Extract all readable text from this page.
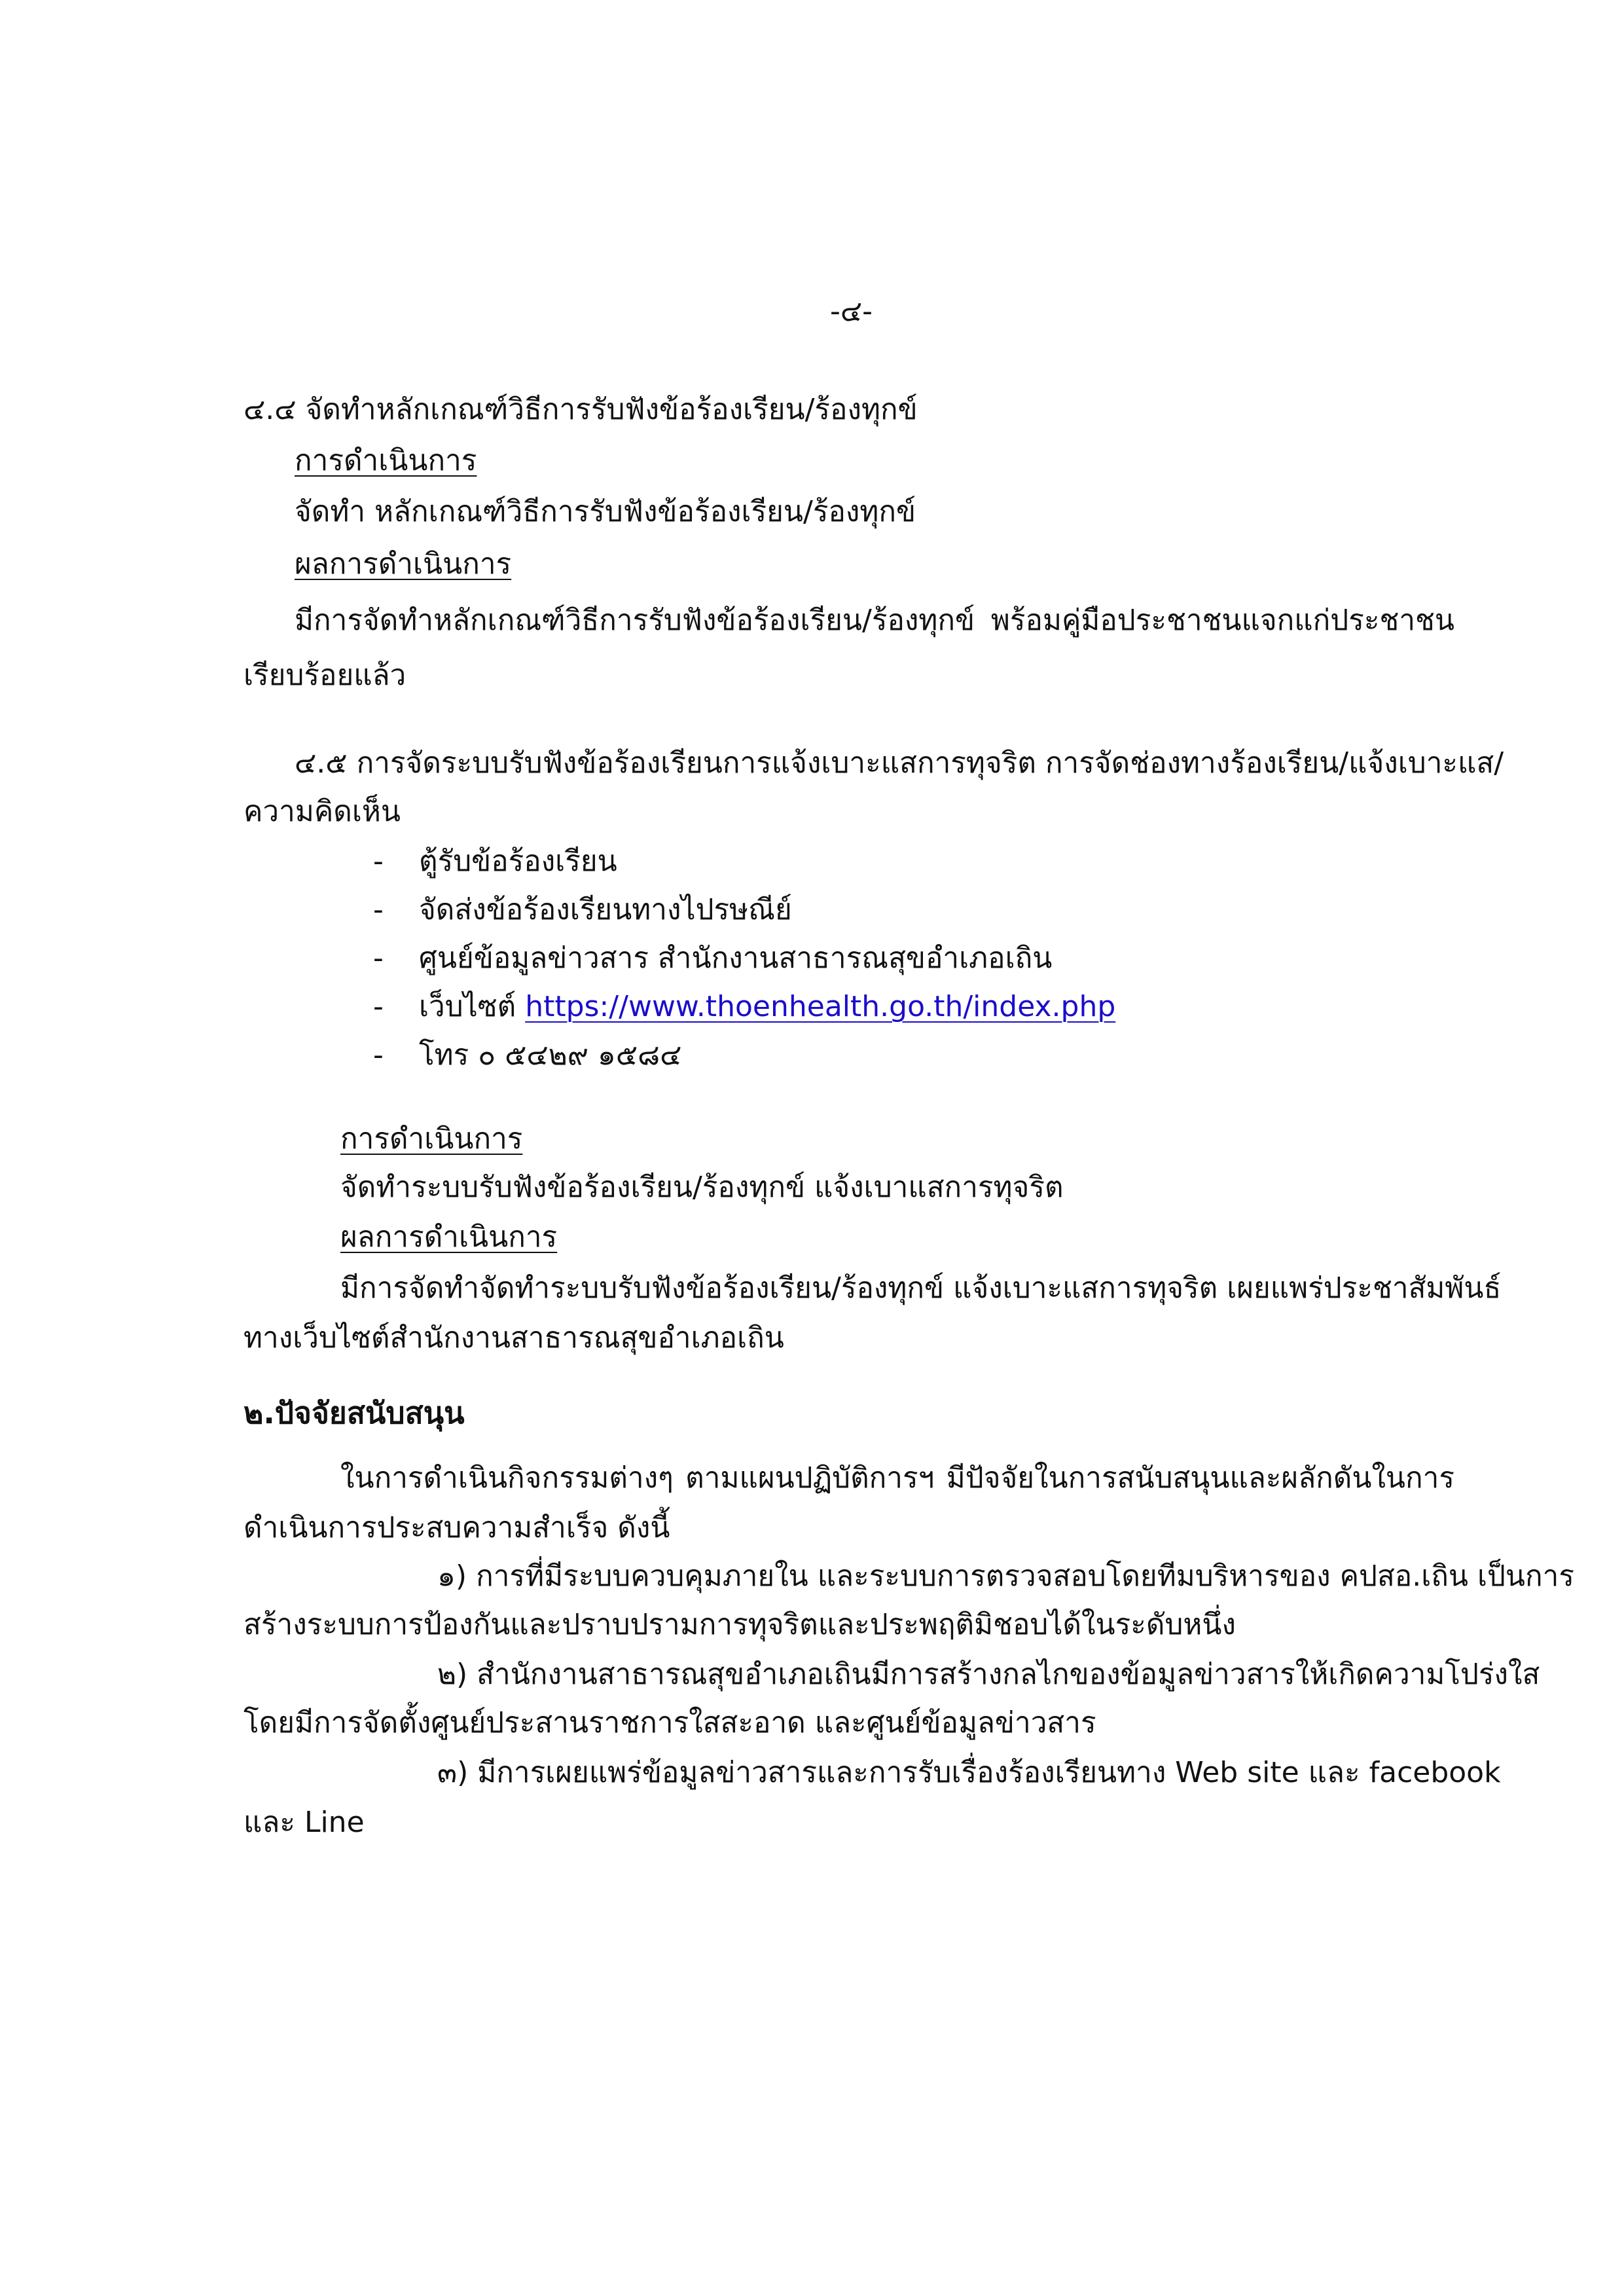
-๔-
๔.๔ จัดทำหลักเกณฑ์วิธีการรับฟังข้อร้องเรียน/ร้องทุกข์
การดำเนินการ
จัดทำ หลักเกณฑ์วิธีการรับฟังข้อร้องเรียน/ร้องทุกข์
ผลการดำเนินการ
มีการจัดทำหลักเกณฑ์วิธีการรับฟังข้อร้องเรียน/ร้องทุกข์ พร้อมคู่มือประชาชนแจกแก่ประชาชน
เรียบร้อยแล้ว
๔.๕ การจัดระบบรับฟังข้อร้องเรียนการแจ้งเบาะแสการทุจริต การจัดช่องทางร้องเรียน/แจ้งเบาะแส/
ความคิดเห็น
- ตู้รับข้อร้องเรียน
- จัดส่งข้อร้องเรียนทางไปรษณีย์
- ศูนย์ข้อมูลข่าวสาร สำนักงานสาธารณสุขอำเภอเถิน
- เว็บไซต์ https://www.thoenhealth.go.th/index.php
- โทร ๐ ๕๔๒๙ ๑๕๘๔
การดำเนินการ
จัดทำระบบรับฟังข้อร้องเรียน/ร้องทุกข์ แจ้งเบาแสการทุจริต
ผลการดำเนินการ
มีการจัดทำจัดทำระบบรับฟังข้อร้องเรียน/ร้องทุกข์ แจ้งเบาะแสการทุจริต เผยแพร่ประชาสัมพันธ์
ทางเว็บไซต์สำนักงานสาธารณสุขอำเภอเถิน
๒.ปัจจัยสนับสนุน
ในการดำเนินกิจกรรมต่างๆ ตามแผนปฏิบัติการฯ มีปัจจัยในการสนับสนุนและผลักดันในการ
ดำเนินการประสบความสำเร็จ ดังนี้
๑) การที่มีระบบควบคุมภายใน และระบบการตรวจสอบโดยทีมบริหารของ คปสอ.เถิน เป็นการ
สร้างระบบการป้องกันและปราบปรามการทุจริตและประพฤติมิชอบได้ในระดับหนึ่ง
๒) สำนักงานสาธารณสุขอำเภอเถินมีการสร้างกลไกของข้อมูลข่าวสารให้เกิดความโปร่งใส
โดยมีการจัดตั้งศูนย์ประสานราชการใสสะอาด และศูนย์ข้อมูลข่าวสาร
๓) มีการเผยแพร่ข้อมูลข่าวสารและการรับเรื่องร้องเรียนทาง Web site และ facebook
และ Line
